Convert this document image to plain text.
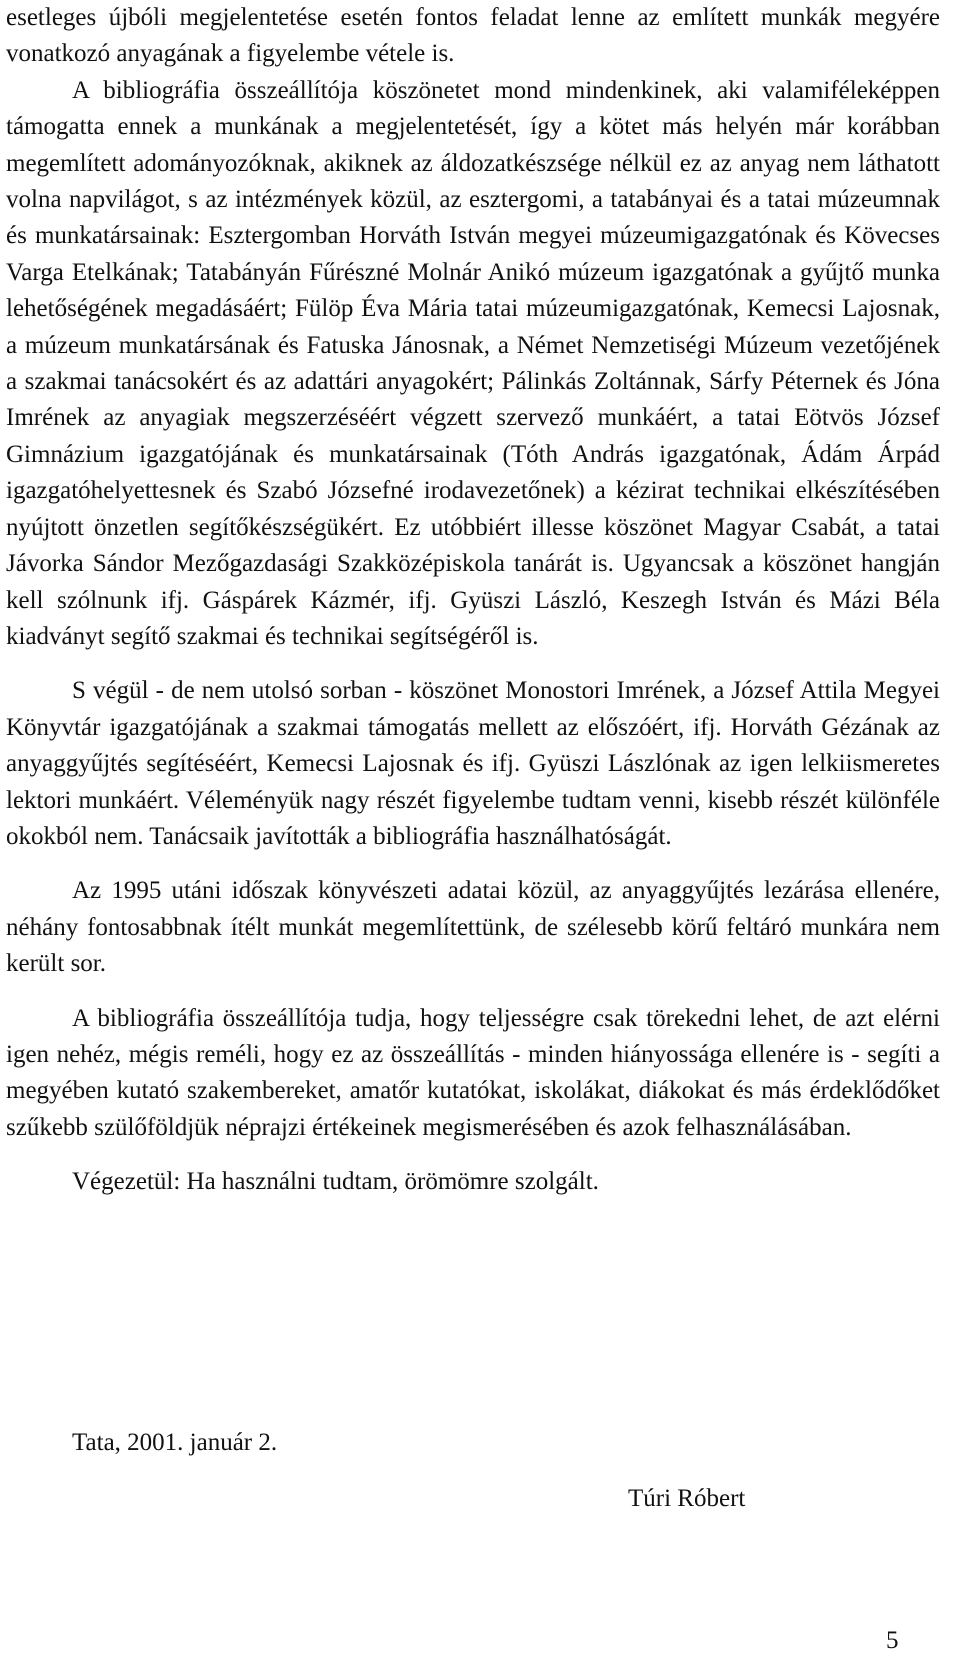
esetleges újbóli megjelentetése esetén fontos feladat lenne az említett munkák megyére vonatkozó anyagának a figyelembe vétele is.

A bibliográfia összeállítója köszönetet mond mindenkinek, aki valamiféleképpen támogatta ennek a munkának a megjelentetését, így a kötet más helyén már korábban megemlített adományozóknak, akiknek az áldozatkészsége nélkül ez az anyag nem láthatott volna napvilágot, s az intézmények közül, az esztergomi, a tatabányai és a tatai múzeumnak és munkatársainak: Esztergomban Horváth István megyei múzeumigazgatónak és Kövecses Varga Etelkának; Tatabányán Fűrészné Molnár Anikó múzeum igazgatónak a gyűjtő munka lehetőségének megadásáért; Fülöp Éva Mária tatai múzeumigazgatónak, Kemecsi Lajosnak, a múzeum munkatársának és Fatuska Jánosnak, a Német Nemzetiségi Múzeum vezetőjének a szakmai tanácsokért és az adattári anyagokért; Pálinkás Zoltánnak, Sárfy Péternek és Jóna Imrének az anyagiak megszerzéséért végzett szervező munkáért, a tatai Eötvös József Gimnázium igazgatójának és munkatársainak (Tóth András igazgatónak, Ádám Árpád igazgatóhelyettesnek és Szabó Józsefné irodavezetőnek) a kézirat technikai elkészítésében nyújtott önzetlen segítőkészségükért. Ez utóbbiért illesse köszönet Magyar Csabát, a tatai Jávorka Sándor Mezőgazdasági Szakközépiskola tanárát is. Ugyancsak a köszönet hangján kell szólnunk ifj. Gáspárek Kázmér, ifj. Gyüszi László, Keszegh István és Mázi Béla kiadványt segítő szakmai és technikai segítségéről is.

S végül - de nem utolsó sorban - köszönet Monostori Imrének, a József Attila Megyei Könyvtár igazgatójának a szakmai támogatás mellett az előszóért, ifj. Horváth Gézának az anyaggyűjtés segítéséért, Kemecsi Lajosnak és ifj. Gyüszi Lászlónak az igen lelkiismeretes lektori munkáért. Véleményük nagy részét figyelembe tudtam venni, kisebb részét különféle okokból nem. Tanácsaik javították a bibliográfia használhatóságát.

Az 1995 utáni időszak könyvészeti adatai közül, az anyaggyűjtés lezárása ellenére, néhány fontosabbnak ítélt munkát megemlítettünk, de szélesebb körű feltáró munkára nem került sor.

A bibliográfia összeállítója tudja, hogy teljességre csak törekedni lehet, de azt elérni igen nehéz, mégis reméli, hogy ez az összeállítás - minden hiányossága ellenére is - segíti a megyében kutató szakembereket, amatőr kutatókat, iskolákat, diákokat és más érdeklődőket szűkebb szülőföldjük néprajzi értékeinek megismerésében és azok felhasználásában.

Végezetül: Ha használni tudtam, örömömre szolgált.

Tata, 2001. január 2.
Túri Róbert
5
